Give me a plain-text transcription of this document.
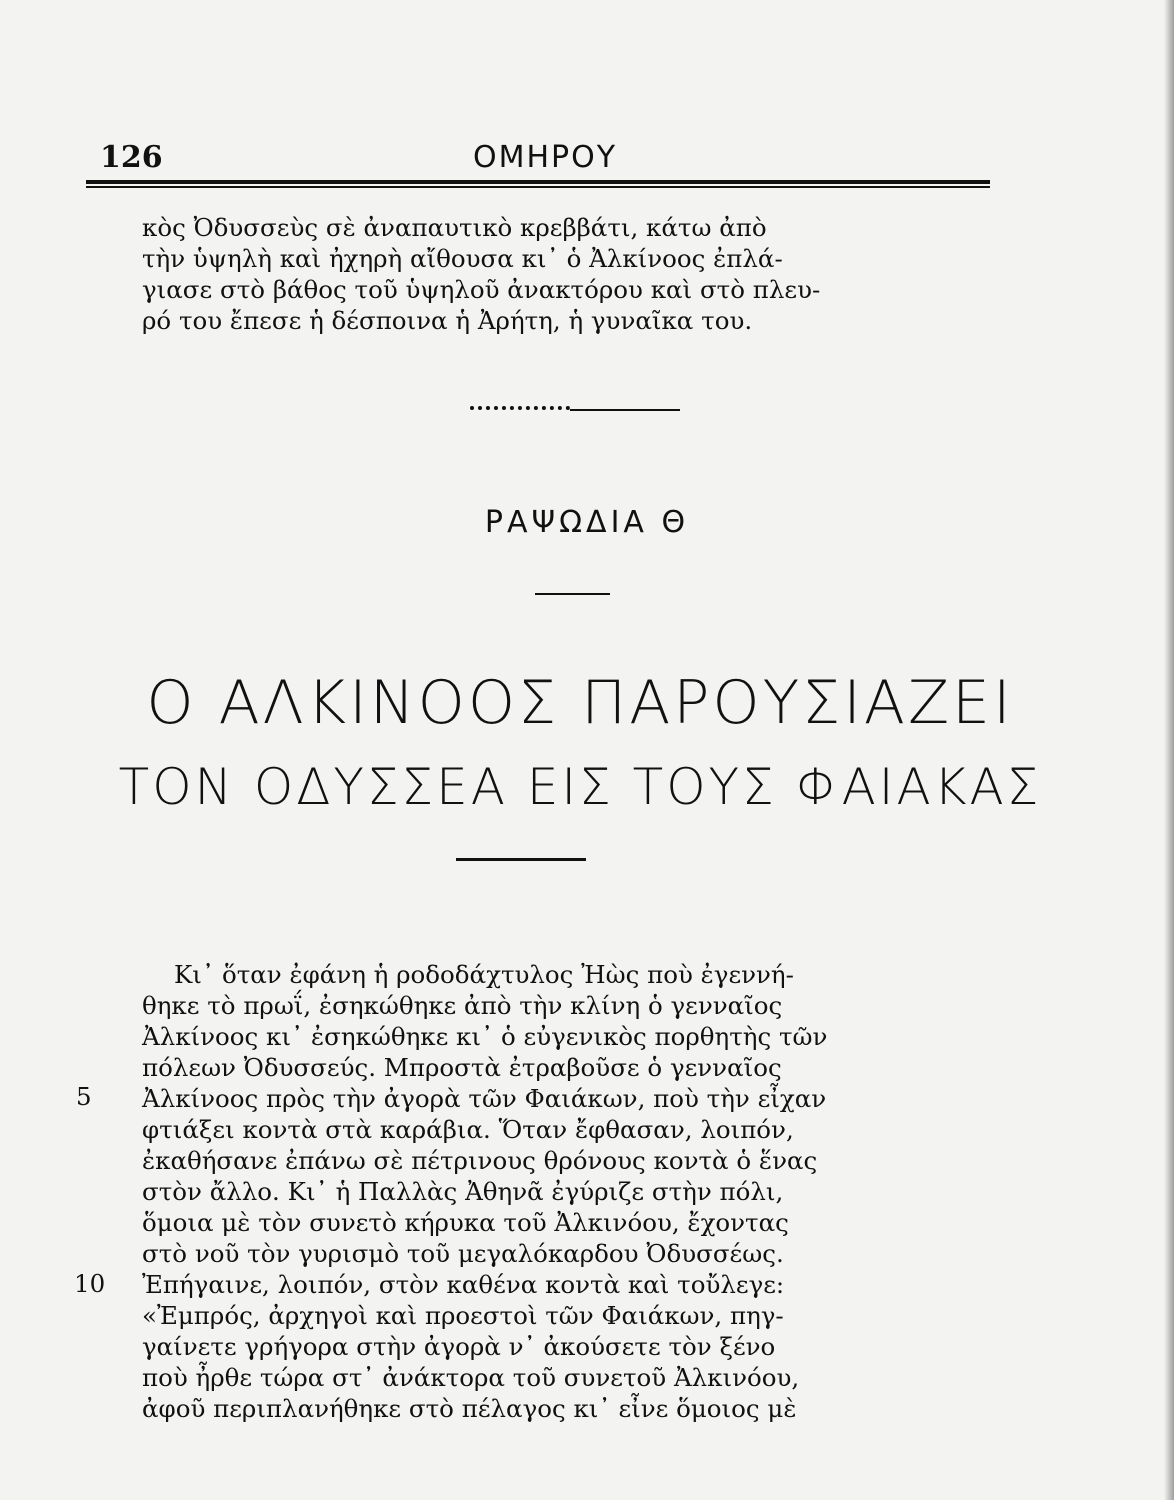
126	ΟΜΗΡΟΥ
κὸς Ὀδυσσεὺς σὲ ἀναπαυτικὸ κρεββάτι, κάτω ἀπὸ
τὴν ὑψηλὴ καὶ ἠχηρὴ αἴθουσα κι᾽ ὁ Ἀλκίνοος ἐπλά-
γιασε στὸ βάθος τοῦ ὑψηλοῦ ἀνακτόρου καὶ στὸ πλευ-
ρό του ἔπεσε ἡ δέσποινα ἡ Ἀρήτη, ἡ γυναῖκα του.
ΡΑΨΩΔΙΑ Θ
Ο ΑΛΚΙΝΟΟΣ ΠΑΡΟΥΣΙΑΖΕΙ
ΤΟΝ ΟΔΥΣΣΕΑ ΕΙΣ ΤΟΥΣ ΦΑΙΑΚΑΣ
5
10
Κι᾽ ὅταν ἐφάνη ἡ ροδοδάχτυλος Ἠὼς ποὺ ἐγεννή-
θηκε τὸ πρωΐ, ἐσηκώθηκε ἀπὸ τὴν κλίνη ὁ γενναῖος
Ἀλκίνοος κι᾽ ἐσηκώθηκε κι᾽ ὁ εὐγενικὸς πορθητὴς τῶν
πόλεων Ὀδυσσεύς. Μπροστὰ ἐτραβοῦσε ὁ γενναῖος
Ἀλκίνοος πρὸς τὴν ἀγορὰ τῶν Φαιάκων, ποὺ τὴν εἶχαν
φτιάξει κοντὰ στὰ καράβια. Ὅταν ἔφθασαν, λοιπόν,
ἐκαθήσανε ἐπάνω σὲ πέτρινους θρόνους κοντὰ ὁ ἕνας
στὸν ἄλλο. Κι᾽ ἡ Παλλὰς Ἀθηνᾶ ἐγύριζε στὴν πόλι,
ὅμοια μὲ τὸν συνετὸ κήρυκα τοῦ Ἀλκινόου, ἔχοντας
στὸ νοῦ τὸν γυρισμὸ τοῦ μεγαλόκαρδου Ὀδυσσέως.
Ἐπήγαινε, λοιπόν, στὸν καθένα κοντὰ καὶ τοὔλεγε:
«Ἐμπρός, ἀρχηγοὶ καὶ προεστοὶ τῶν Φαιάκων, πηγ-
γαίνετε γρήγορα στὴν ἀγορὰ ν᾽ ἀκούσετε τὸν ξένο
ποὺ ἦρθε τώρα στ᾽ ἀνάκτορα τοῦ συνετοῦ Ἀλκινόου,
ἀφοῦ περιπλανήθηκε στὸ πέλαγος κι᾽ εἶνε ὅμοιος μὲ
